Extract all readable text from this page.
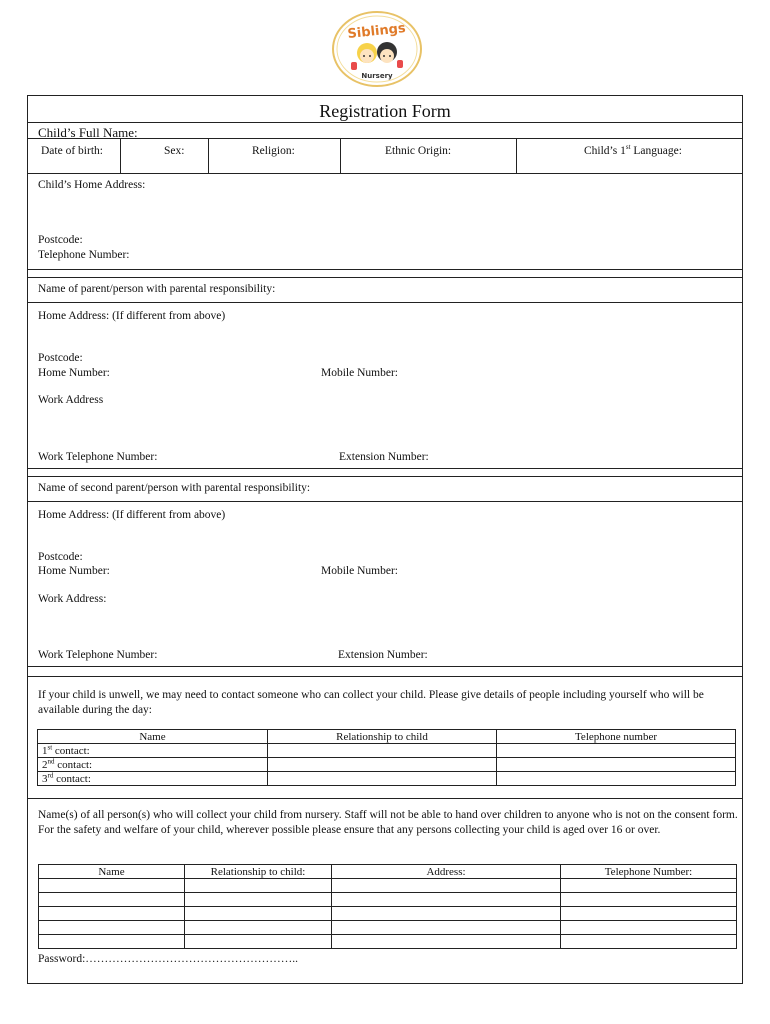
Siblings
Nursery
Registration Form
Child’s Full Name:
Date of birth:	Sex:	Religion:	Ethnic Origin:	Child’s 1st Language:
Child’s Home Address:
Postcode:
Telephone Number:
Name of parent/person with parental responsibility:
Home Address: (If different from above)
Postcode:
Home Number:	Mobile Number:
Work Address
Work Telephone Number:	Extension Number:
Name of second parent/person with parental responsibility:
Home Address: (If different from above)
Postcode:
Home Number:	Mobile Number:
Work Address:
Work Telephone Number:	Extension Number:
If your child is unwell, we may need to contact someone who can collect your child. Please give details of people including yourself who will be available during the day:
Name	Relationship to child	Telephone number
1st contact:		
2nd contact:		
3rd contact:		
Name(s) of all person(s) who will collect your child from nursery. Staff will not be able to hand over children to anyone who is not on the consent form. For the safety and welfare of your child, wherever possible please ensure that any persons collecting your child is aged over 16 or over.
Name	Relationship to child:	Address:	Telephone Number:

Password:………………………………………………..
